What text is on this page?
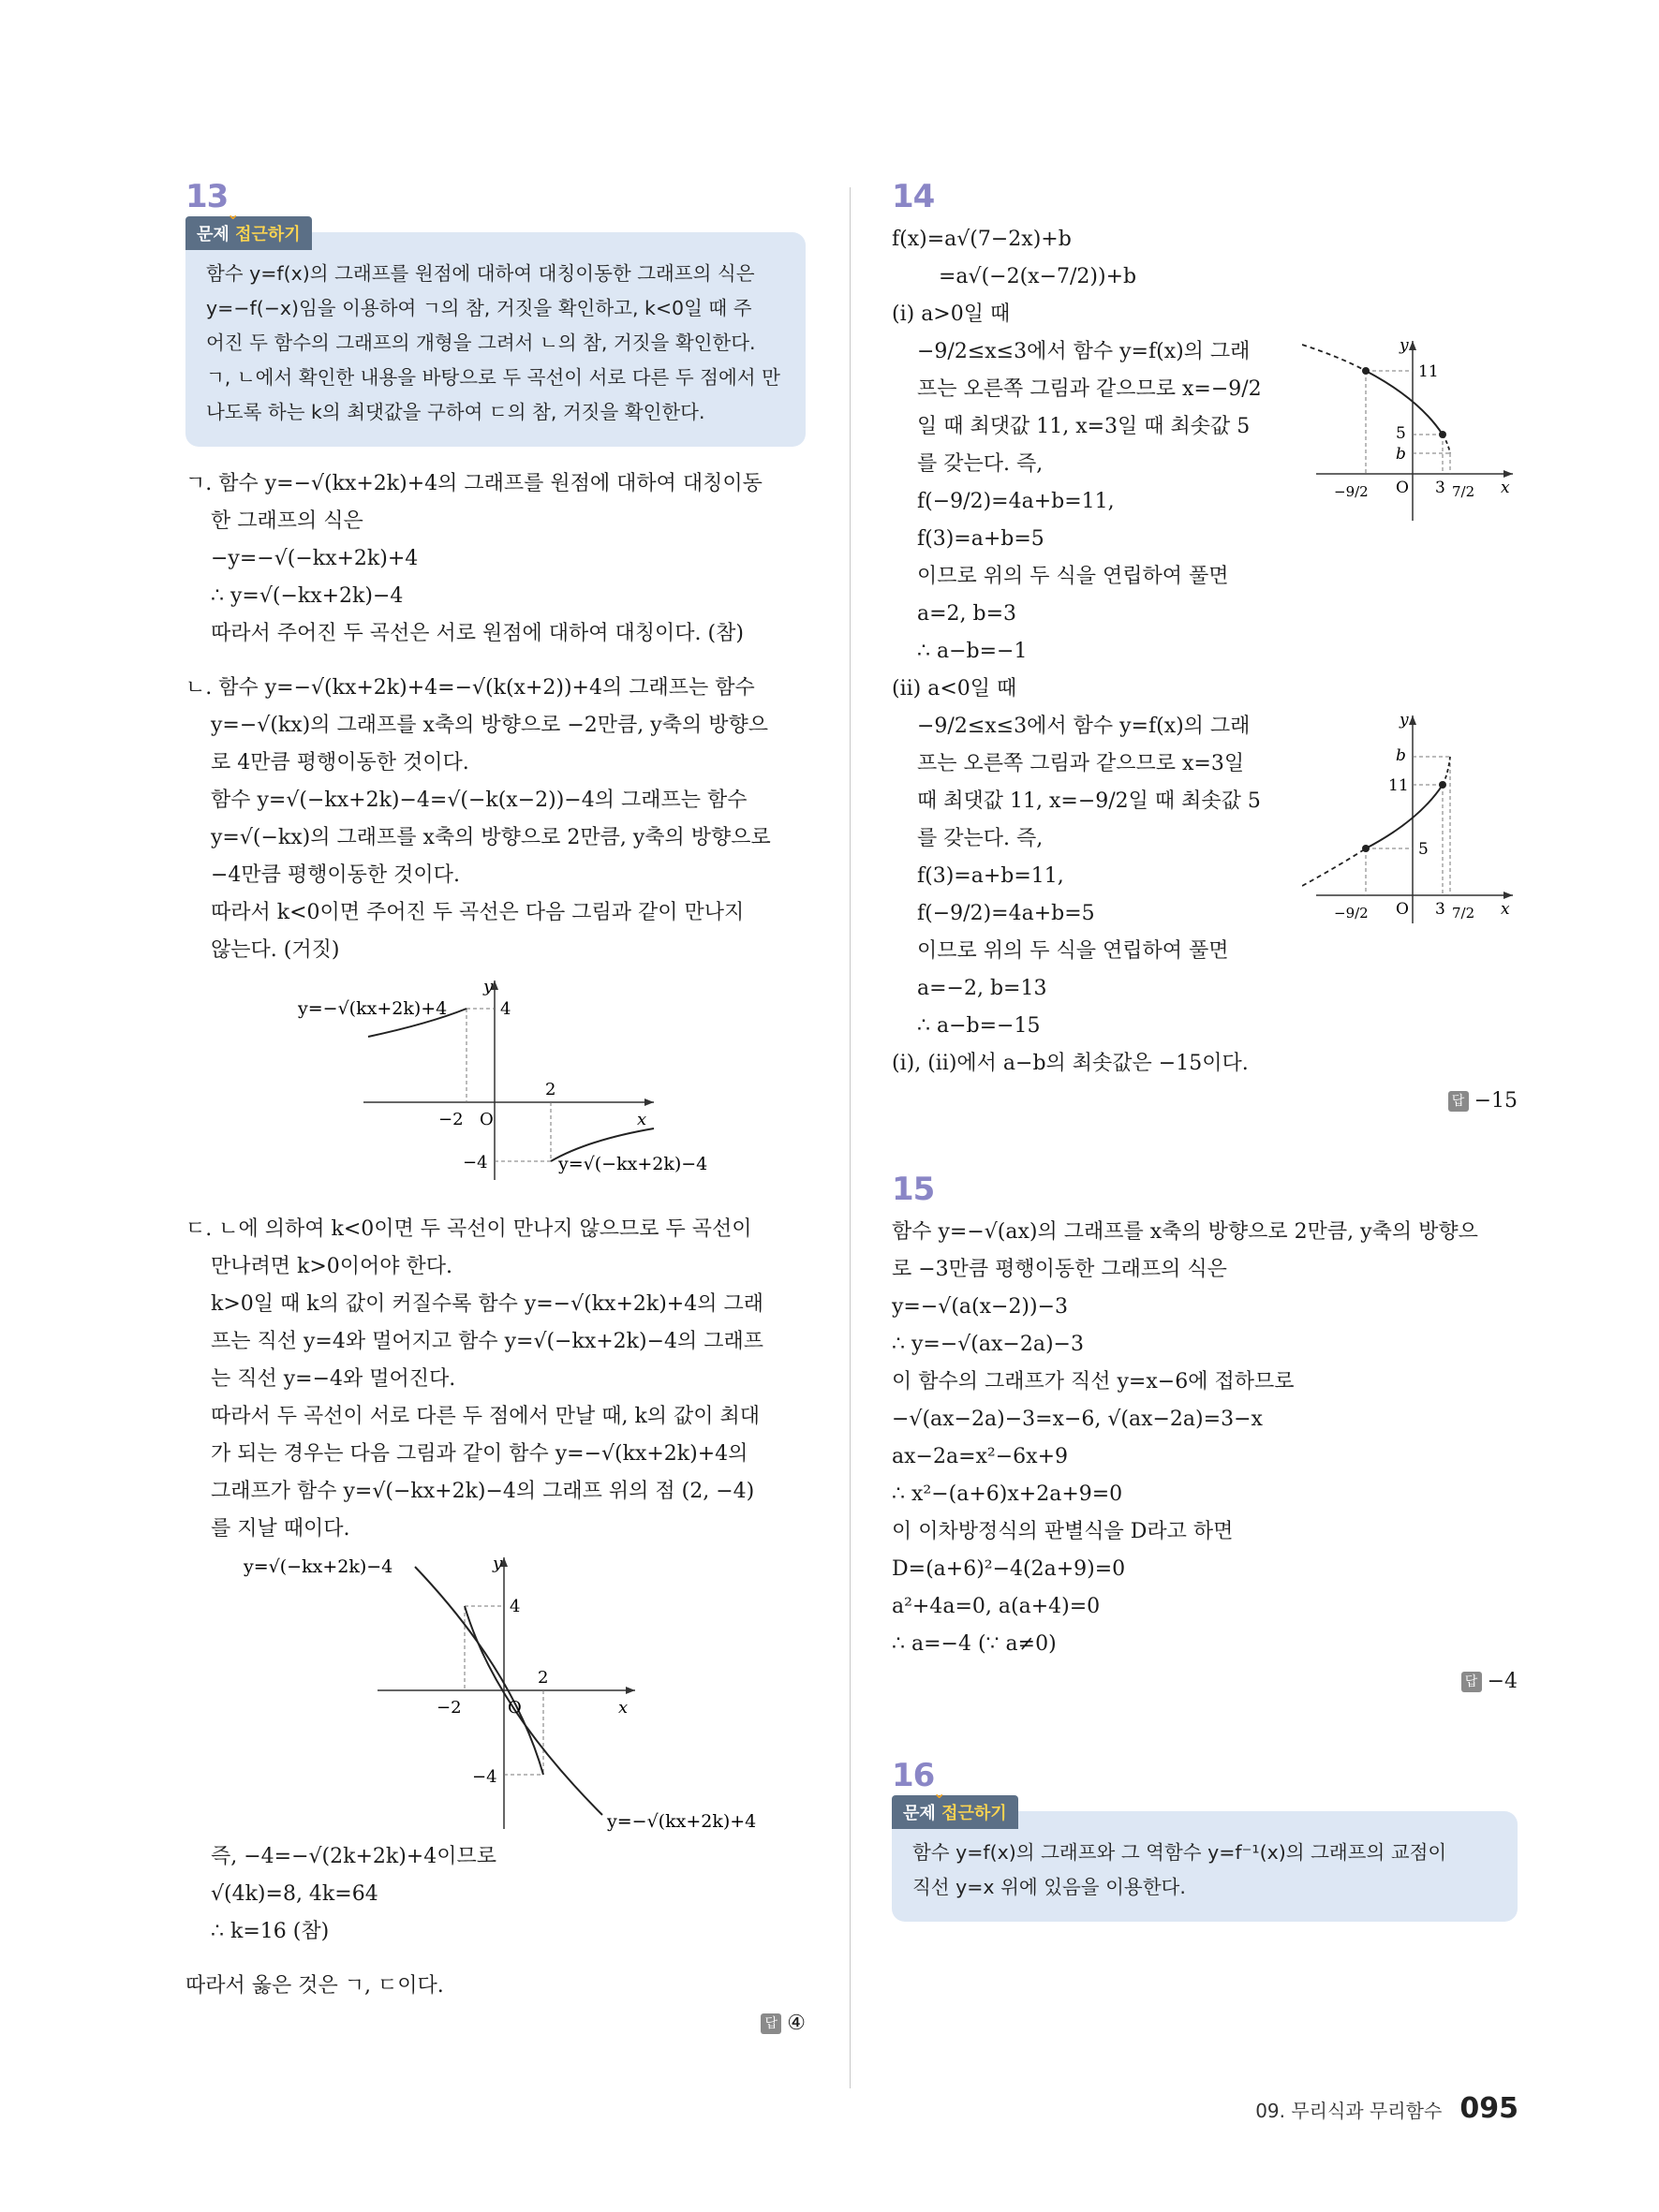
13
⌄
문제 접근하기

함수 y=f(x)의 그래프를 원점에 대하여 대칭이동한 그래프의 식은

y=−f(−x)임을 이용하여 ㄱ의 참, 거짓을 확인하고, k<0일 때 주

어진 두 함수의 그래프의 개형을 그려서 ㄴ의 참, 거짓을 확인한다.

ㄱ, ㄴ에서 확인한 내용을 바탕으로 두 곡선이 서로 다른 두 점에서 만

나도록 하는 k의 최댓값을 구하여 ㄷ의 참, 거짓을 확인한다.

ㄱ. 함수 y=−√(kx+2k)+4의 그래프를 원점에 대하여 대칭이동
한 그래프의 식은
−y=−√(−kx+2k)+4
∴ y=√(−kx+2k)−4
따라서 주어진 두 곡선은 서로 원점에 대하여 대칭이다. (참)
ㄴ. 함수 y=−√(kx+2k)+4=−√(k(x+2))+4의 그래프는 함수
y=−√(kx)의 그래프를 x축의 방향으로 −2만큼, y축의 방향으
로 4만큼 평행이동한 것이다.
함수 y=√(−kx+2k)−4=√(−k(x−2))−4의 그래프는 함수
y=√(−kx)의 그래프를 x축의 방향으로 2만큼, y축의 방향으로
−4만큼 평행이동한 것이다.
따라서 k<0이면 주어진 두 곡선은 다음 그림과 같이 만나지
않는다. (거짓)
y=−√(kx+2k)+4
y=√(−kx+2k)−4
y
x
O
4
−2
2
−4
ㄷ. ㄴ에 의하여 k<0이면 두 곡선이 만나지 않으므로 두 곡선이
만나려면 k>0이어야 한다.
k>0일 때 k의 값이 커질수록 함수 y=−√(kx+2k)+4의 그래
프는 직선 y=4와 멀어지고 함수 y=√(−kx+2k)−4의 그래프
는 직선 y=−4와 멀어진다.
따라서 두 곡선이 서로 다른 두 점에서 만날 때, k의 값이 최대
가 되는 경우는 다음 그림과 같이 함수 y=−√(kx+2k)+4의
그래프가 함수 y=√(−kx+2k)−4의 그래프 위의 점 (2, −4)
를 지날 때이다.
y=√(−kx+2k)−4
y=−√(kx+2k)+4
y
x
O
4
−2
2
−4
즉, −4=−√(2k+2k)+4이므로
√(4k)=8, 4k=64
∴ k=16 (참)
따라서 옳은 것은 ㄱ, ㄷ이다.
답 ④
14
f(x)=a√(7−2x)+b
=a√(−2(x−7/2))+b
(ⅰ) a>0일 때
−9/2≤x≤3에서 함수 y=f(x)의 그래
프는 오른쪽 그림과 같으므로 x=−9/2
일 때 최댓값 11, x=3일 때 최솟값 5
를 갖는다. 즉,
f(−9/2)=4a+b=11,
f(3)=a+b=5
이므로 위의 두 식을 연립하여 풀면
a=2, b=3
∴ a−b=−1
y
x
O
11
5
b
−9/2	3 7/2
(ⅱ) a<0일 때
−9/2≤x≤3에서 함수 y=f(x)의 그래
프는 오른쪽 그림과 같으므로 x=3일
때 최댓값 11, x=−9/2일 때 최솟값 5
를 갖는다. 즉,
f(3)=a+b=11,
f(−9/2)=4a+b=5
이므로 위의 두 식을 연립하여 풀면
a=−2, b=13
∴ a−b=−15
y
x
O
b
11
5
−9/2	3 7/2
(ⅰ), (ⅱ)에서 a−b의 최솟값은 −15이다.
답 −15
15
함수 y=−√(ax)의 그래프를 x축의 방향으로 2만큼, y축의 방향으
로 −3만큼 평행이동한 그래프의 식은
y=−√(a(x−2))−3
∴ y=−√(ax−2a)−3
이 함수의 그래프가 직선 y=x−6에 접하므로
−√(ax−2a)−3=x−6, √(ax−2a)=3−x
ax−2a=x²−6x+9
∴ x²−(a+6)x+2a+9=0
이 이차방정식의 판별식을 D라고 하면
D=(a+6)²−4(2a+9)=0
a²+4a=0, a(a+4)=0
∴ a=−4 (∵ a≠0)
답 −4
16
⌄
문제 접근하기

함수 y=f(x)의 그래프와 그 역함수 y=f⁻¹(x)의 그래프의 교점이

직선 y=x 위에 있음을 이용한다.

09. 무리식과 무리함수 095
